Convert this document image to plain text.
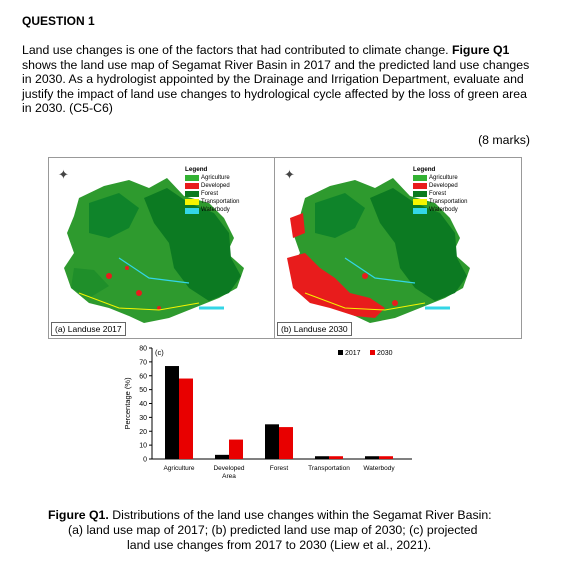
QUESTION 1
Land use changes is one of the factors that had contributed to climate change. Figure Q1 shows the land use map of Segamat River Basin in 2017 and the predicted land use changes in 2030. As a hydrologist appointed by the Drainage and Irrigation Department, evaluate and justify the impact of land use changes to hydrological cycle affected by the loss of green area in 2030. (C5-C6)
(8 marks)
✦	Legend
Agriculture
Developed
Forest
Transportation
Waterbody
(a) Landuse 2017
✦	Legend
Agriculture
Developed
Forest
Transportation
Waterbody
(b) Landuse 2030
0
10
20
30
40
50
60
70
80
Percentage (%)
(c)
Agriculture	Developed
Area
Forest	Transportation Waterbody
2017 2030
Figure Q1. Distributions of the land use changes within the Segamat River Basin:
(a) land use map of 2017; (b) predicted land use map of 2030; (c) projected
land use changes from 2017 to 2030 (Liew et al., 2021).
